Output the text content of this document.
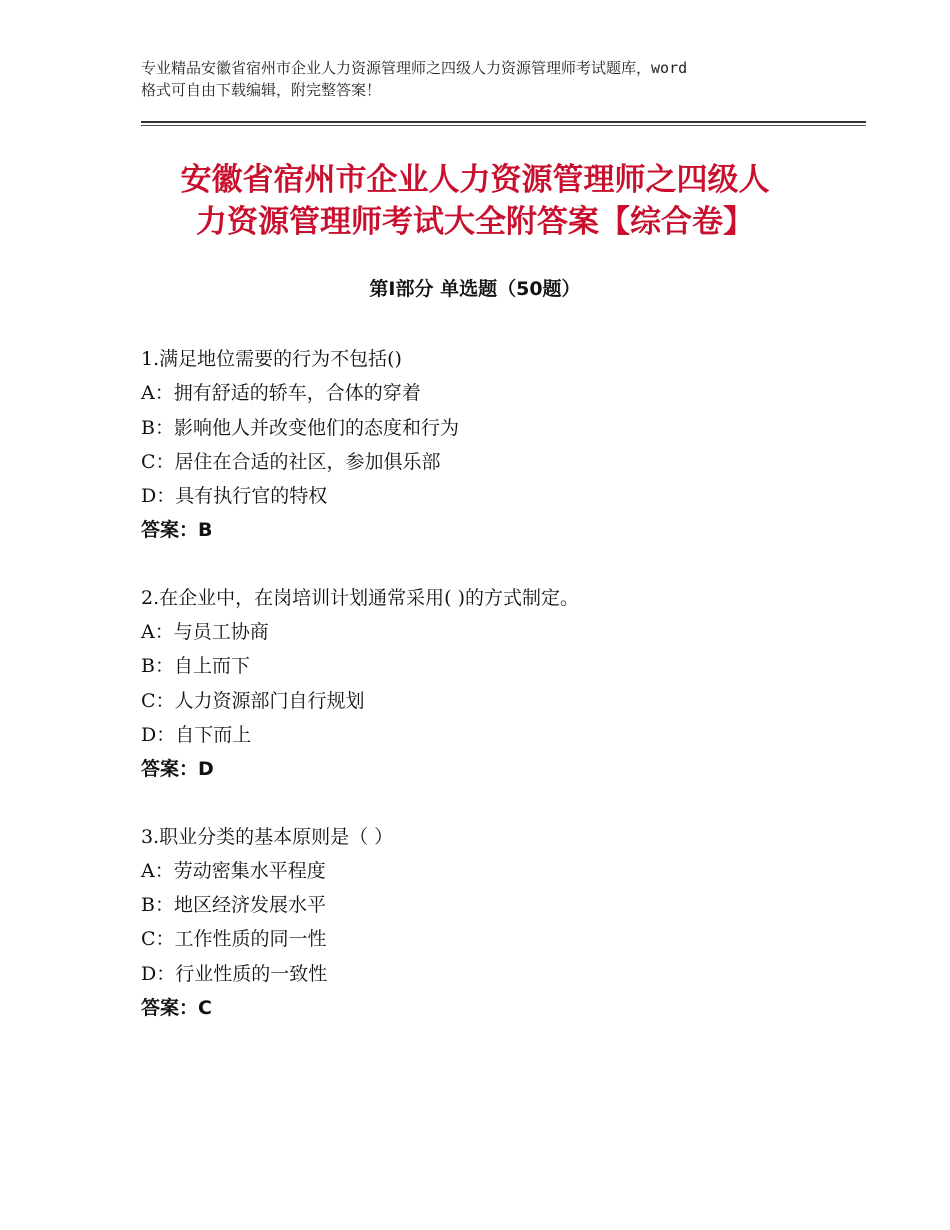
专业精品安徽省宿州市企业人力资源管理师之四级人力资源管理师考试题库，word
格式可自由下载编辑，附完整答案！
安徽省宿州市企业人力资源管理师之四级人
力资源管理师考试大全附答案【综合卷】
第Ⅰ部分 单选题（50题）
1.满足地位需要的行为不包括()
A：拥有舒适的轿车，合体的穿着
B：影响他人并改变他们的态度和行为
C：居住在合适的社区，参加俱乐部
D：具有执行官的特权
答案：B
2.在企业中，在岗培训计划通常采用( )的方式制定。
A：与员工协商
B：自上而下
C：人力资源部门自行规划
D：自下而上
答案：D
3.职业分类的基本原则是（ ）
A：劳动密集水平程度
B：地区经济发展水平
C：工作性质的同一性
D：行业性质的一致性
答案：C
